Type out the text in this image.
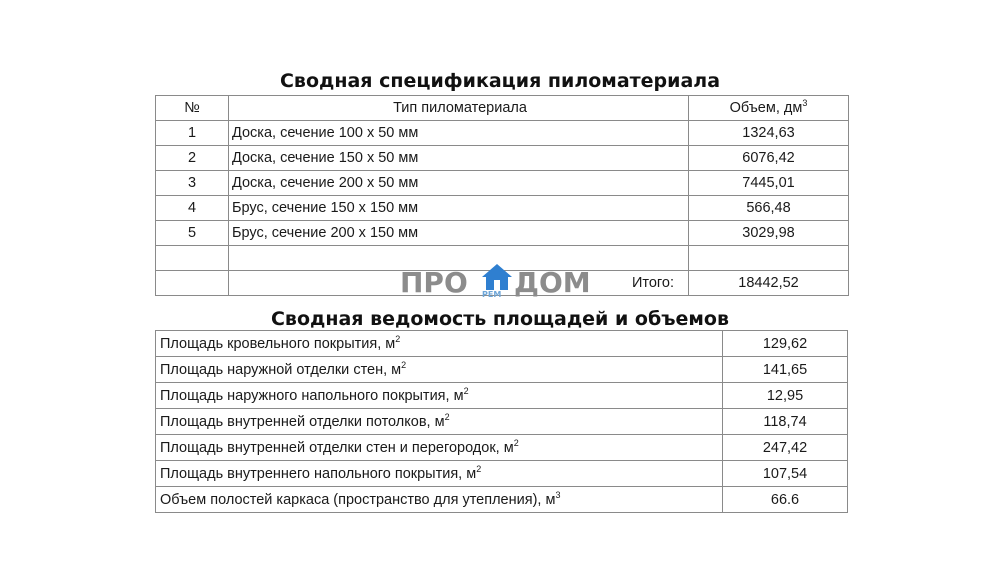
Сводная спецификация пиломатериала
№	Тип пиломатериала	Объем, $дм^3$
1	Доска, сечение 100 х 50 мм	1324,63
2	Доска, сечение 150 х 50 мм	6076,42
3	Доска, сечение 200 х 50 мм	7445,01
4	Брус, сечение 150 х 150 мм	566,48
5	Брус, сечение 200 х 150 мм	3029,98

	Итого:	18442,52
ПРО РЕМ ДОМ
Сводная ведомость площадей и объемов
Площадь кровельного покрытия, $м^2$	129,62
Площадь наружной отделки стен, $м^2$	141,65
Площадь наружного напольного покрытия, $м^2$	12,95
Площадь внутренней отделки потолков, $м^2$	118,74
Площадь внутренней отделки стен и перегородок, $м^2$	247,42
Площадь внутреннего напольного покрытия, $м^2$	107,54
Объем полостей каркаса (пространство для утепления), $м^3$	66.6
